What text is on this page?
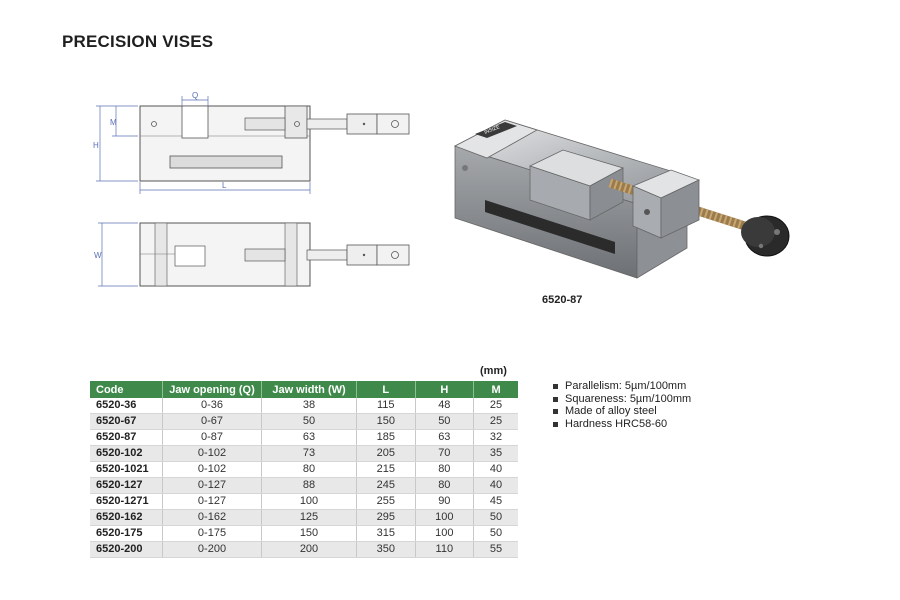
PRECISION VISES
Q
M
H
L
W
INSIZE
6520-87
(mm)
Code	Jaw opening (Q)	Jaw width (W)	L	H	M
6520-36	0-36	38	115	48	25
6520-67	0-67	50	150	50	25
6520-87	0-87	63	185	63	32
6520-102	0-102	73	205	70	35
6520-1021	0-102	80	215	80	40
6520-127	0-127	88	245	80	40
6520-1271	0-127	100	255	90	45
6520-162	0-162	125	295	100	50
6520-175	0-175	150	315	100	50
6520-200	0-200	200	350	110	55
Parallelism: 5µm/100mm
Squareness: 5µm/100mm
Made of alloy steel
Hardness HRC58-60
